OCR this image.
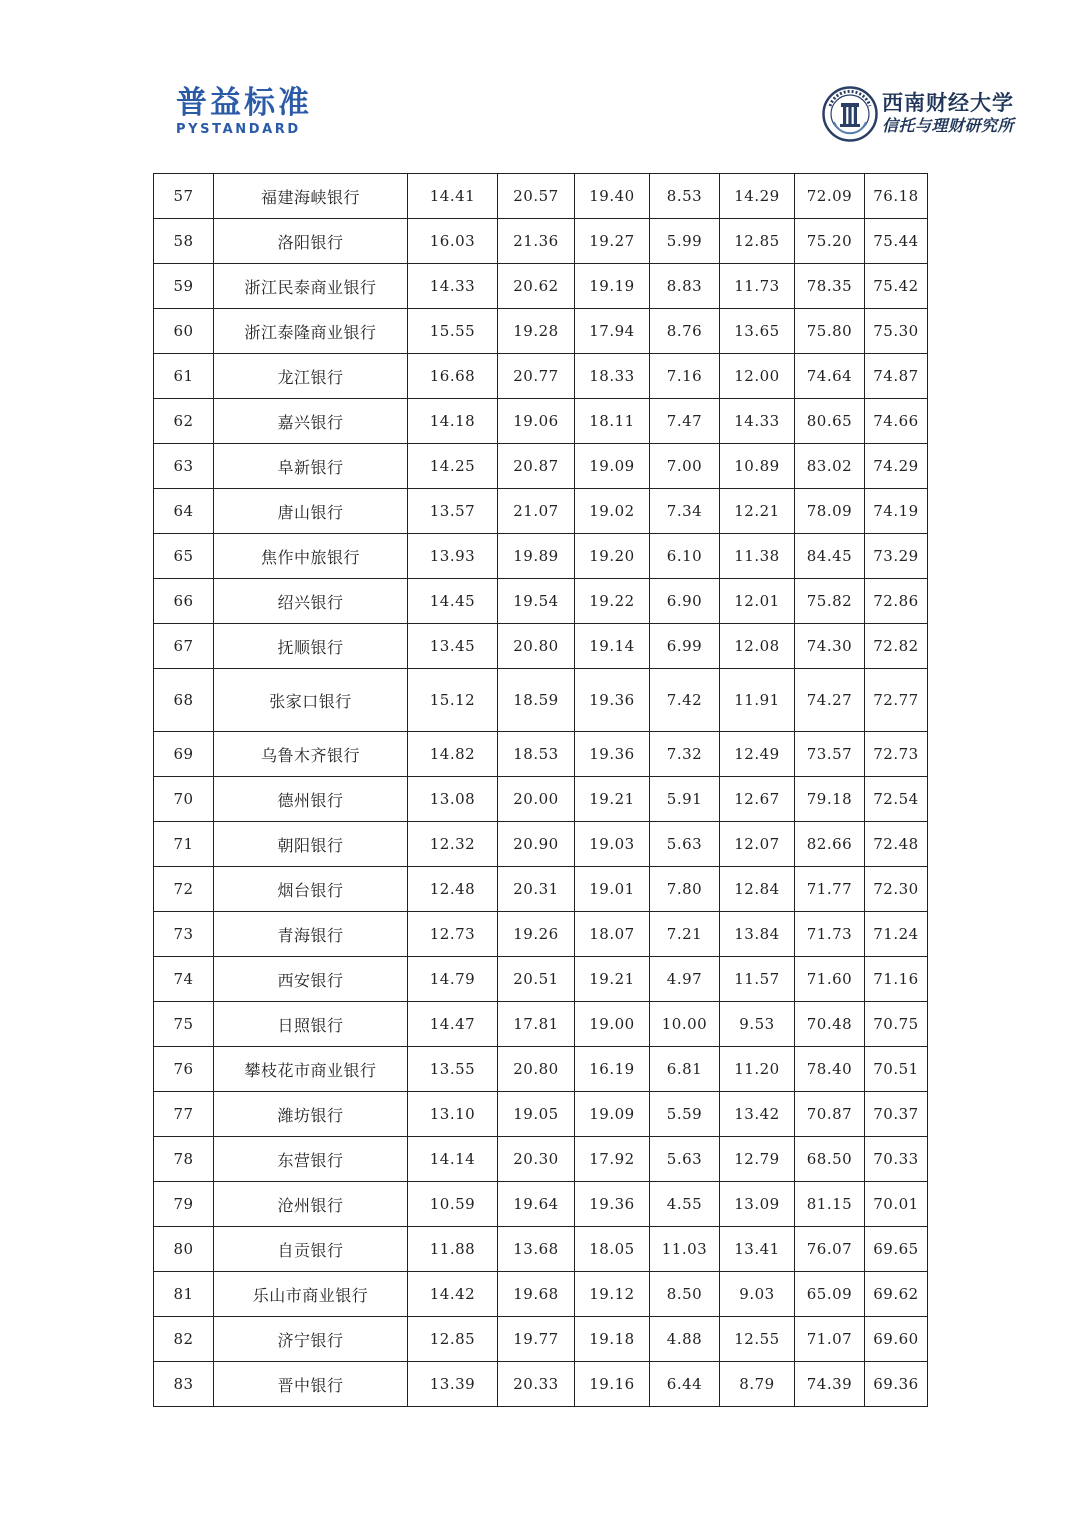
普益标准
PYSTANDARD
西南财经大学
信托与理财研究所
57	福建海峡银行	14.41	20.57	19.40	8.53	14.29	72.09	76.18
58	洛阳银行	16.03	21.36	19.27	5.99	12.85	75.20	75.44
59	浙江民泰商业银行	14.33	20.62	19.19	8.83	11.73	78.35	75.42
60	浙江泰隆商业银行	15.55	19.28	17.94	8.76	13.65	75.80	75.30
61	龙江银行	16.68	20.77	18.33	7.16	12.00	74.64	74.87
62	嘉兴银行	14.18	19.06	18.11	7.47	14.33	80.65	74.66
63	阜新银行	14.25	20.87	19.09	7.00	10.89	83.02	74.29
64	唐山银行	13.57	21.07	19.02	7.34	12.21	78.09	74.19
65	焦作中旅银行	13.93	19.89	19.20	6.10	11.38	84.45	73.29
66	绍兴银行	14.45	19.54	19.22	6.90	12.01	75.82	72.86
67	抚顺银行	13.45	20.80	19.14	6.99	12.08	74.30	72.82
68	张家口银行	15.12	18.59	19.36	7.42	11.91	74.27	72.77
69	乌鲁木齐银行	14.82	18.53	19.36	7.32	12.49	73.57	72.73
70	德州银行	13.08	20.00	19.21	5.91	12.67	79.18	72.54
71	朝阳银行	12.32	20.90	19.03	5.63	12.07	82.66	72.48
72	烟台银行	12.48	20.31	19.01	7.80	12.84	71.77	72.30
73	青海银行	12.73	19.26	18.07	7.21	13.84	71.73	71.24
74	西安银行	14.79	20.51	19.21	4.97	11.57	71.60	71.16
75	日照银行	14.47	17.81	19.00	10.00	9.53	70.48	70.75
76	攀枝花市商业银行	13.55	20.80	16.19	6.81	11.20	78.40	70.51
77	潍坊银行	13.10	19.05	19.09	5.59	13.42	70.87	70.37
78	东营银行	14.14	20.30	17.92	5.63	12.79	68.50	70.33
79	沧州银行	10.59	19.64	19.36	4.55	13.09	81.15	70.01
80	自贡银行	11.88	13.68	18.05	11.03	13.41	76.07	69.65
81	乐山市商业银行	14.42	19.68	19.12	8.50	9.03	65.09	69.62
82	济宁银行	12.85	19.77	19.18	4.88	12.55	71.07	69.60
83	晋中银行	13.39	20.33	19.16	6.44	8.79	74.39	69.36
